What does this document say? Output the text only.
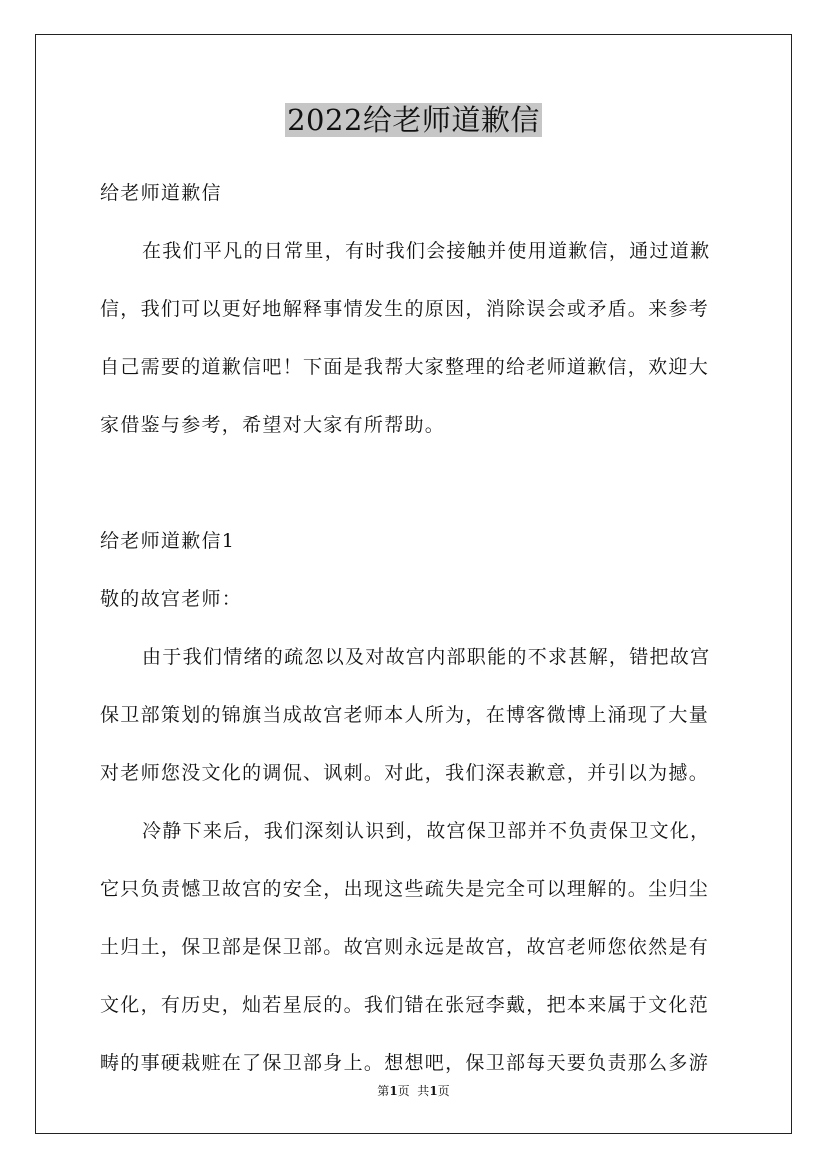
2022给老师道歉信
给老师道歉信
在我们平凡的日常里，有时我们会接触并使用道歉信，通过道歉
信，我们可以更好地解释事情发生的原因，消除误会或矛盾。来参考
自己需要的道歉信吧！下面是我帮大家整理的给老师道歉信，欢迎大
家借鉴与参考，希望对大家有所帮助。
给老师道歉信1
敬的故宫老师：
由于我们情绪的疏忽以及对故宫内部职能的不求甚解，错把故宫
保卫部策划的锦旗当成故宫老师本人所为，在博客微博上涌现了大量
对老师您没文化的调侃、讽刺。对此，我们深表歉意，并引以为撼。
冷静下来后，我们深刻认识到，故宫保卫部并不负责保卫文化，
它只负责憾卫故宫的安全，出现这些疏失是完全可以理解的。尘归尘
土归土，保卫部是保卫部。故宫则永远是故宫，故宫老师您依然是有
文化，有历史，灿若星辰的。我们错在张冠李戴，把本来属于文化范
畴的事硬栽赃在了保卫部身上。想想吧，保卫部每天要负责那么多游
第1页  共1页
